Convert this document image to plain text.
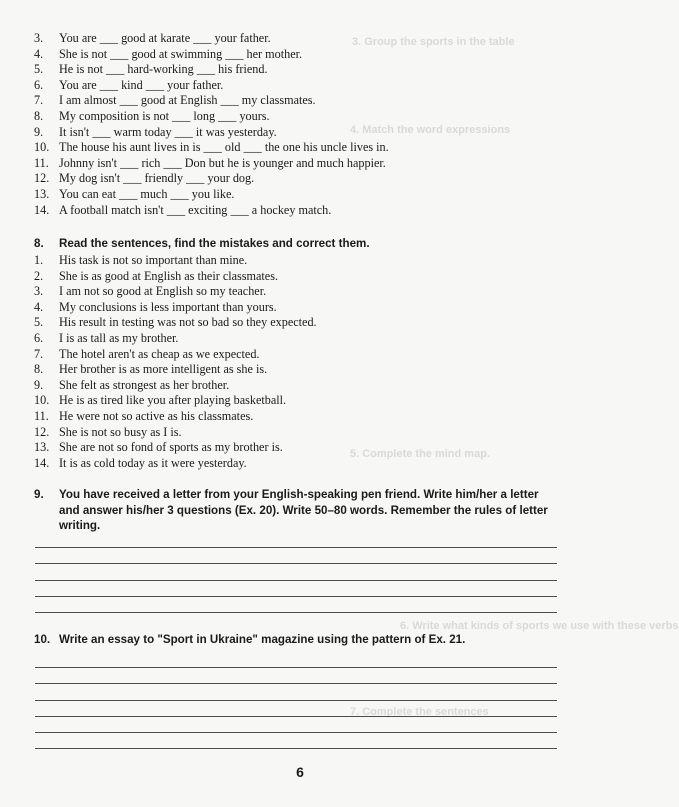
3. Group the sports in the table
4. Match the word expressions
5. Complete the mind map.
6. Write what kinds of sports we use with these verbs
7. Complete the sentences
3.	You are ___ good at karate ___ your father.
4.	She is not ___ good at swimming ___ her mother.
5.	He is not ___ hard-working ___ his friend.
6.	You are ___ kind ___ your father.
7.	I am almost ___ good at English ___ my classmates.
8.	My composition is not ___ long ___ yours.
9.	It isn't ___ warm today ___ it was yesterday.
10. The house his aunt lives in is ___ old ___ the one his uncle lives in.
11. Johnny isn't ___ rich ___ Don but he is younger and much happier.
12. My dog isn't ___ friendly ___ your dog.
13. You can eat ___ much ___ you like.
14. A football match isn't ___ exciting ___ a hockey match.
8. Read the sentences, find the mistakes and correct them.
1.	His task is not so important than mine.
2.	She is as good at English as their classmates.
3.	I am not so good at English so my teacher.
4.	My conclusions is less important than yours.
5.	His result in testing was not so bad so they expected.
6.	I is as tall as my brother.
7.	The hotel aren't as cheap as we expected.
8.	Her brother is as more intelligent as she is.
9.	She felt as strongest as her brother.
10. He is as tired like you after playing basketball.
11. He were not so active as his classmates.
12. She is not so busy as I is.
13. She are not so fond of sports as my brother is.
14. It is as cold today as it were yesterday.
9. You have received a letter from your English-speaking pen friend. Write him/her a letter and answer his/her 3 questions (Ex. 20). Write 50–80 words. Remember the rules of letter writing.
10. Write an essay to "Sport in Ukraine" magazine using the pattern of Ex. 21.
6
